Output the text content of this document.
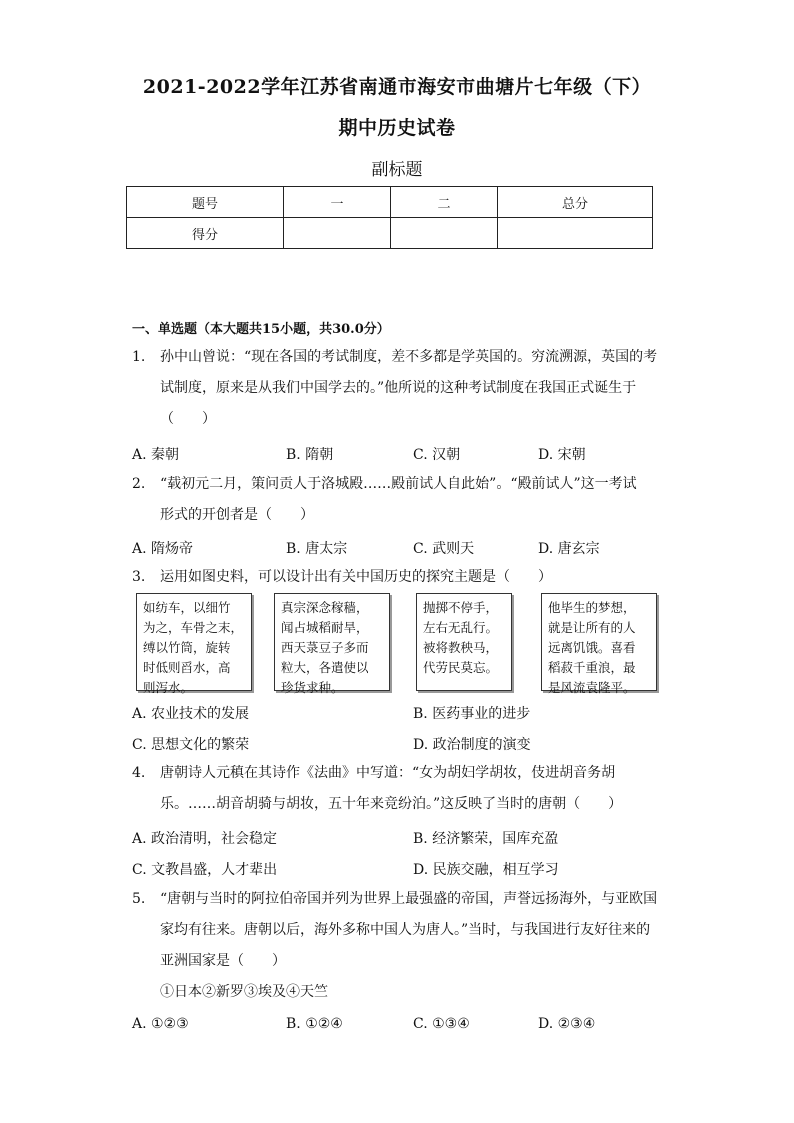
2021-2022学年江苏省南通市海安市曲塘片七年级（下）
期中历史试卷
副标题
题号	一	二	总分
得分			
一、单选题（本大题共15小题，共30.0分）
1. 孙中山曾说：“现在各国的考试制度，差不多都是学英国的。穷流溯源，英国的考
试制度，原来是从我们中国学去的。”他所说的这种考试制度在我国正式诞生于
（　　）
A. 秦朝	B. 隋朝	C. 汉朝	D. 宋朝
2. “载初元二月，策问贡人于洛城殿……殿前试人自此始”。“殿前试人”这一考试
形式的开创者是（　　）
A. 隋炀帝	B. 唐太宗	C. 武则天	D. 唐玄宗
3. 运用如图史料，可以设计出有关中国历史的探究主题是（　　）
如纺车，以细竹
为之，车骨之末，
缚以竹筒，旋转
时低则舀水，高
则泻水。
真宗深念稼穑，
闻占城稻耐旱，
西天菉豆子多而
粒大，各遣使以
珍货求种。
抛掷不停手，
左右无乱行。
被将教秧马，
代劳民莫忘。
他毕生的梦想，
就是让所有的人
远离饥饿。喜看
稻菽千重浪，最
是风流袁隆平。
A. 农业技术的发展	B. 医药事业的进步
C. 思想文化的繁荣	D. 政治制度的演变
4. 唐朝诗人元稹在其诗作《法曲》中写道：“女为胡妇学胡妆，伎进胡音务胡
乐。……胡音胡骑与胡妆，五十年来竞纷泊。”这反映了当时的唐朝（　　）
A. 政治清明，社会稳定	B. 经济繁荣，国库充盈
C. 文教昌盛，人才辈出	D. 民族交融，相互学习
5. “唐朝与当时的阿拉伯帝国并列为世界上最强盛的帝国，声誉远扬海外，与亚欧国
家均有往来。唐朝以后，海外多称中国人为唐人。”当时，与我国进行友好往来的
亚洲国家是（　　）
①日本②新罗③埃及④天竺
A. ①②③	B. ①②④	C. ①③④	D. ②③④
